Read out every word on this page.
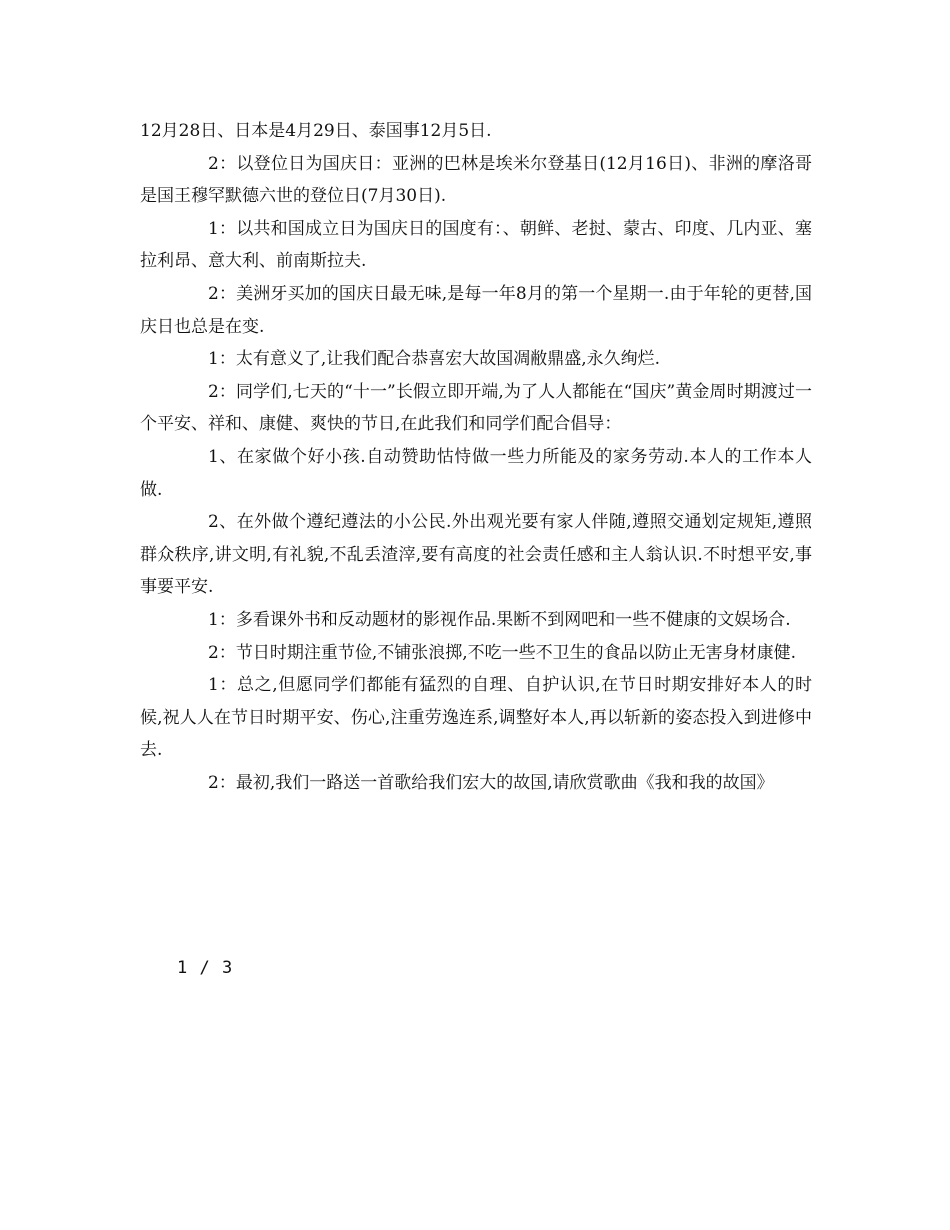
12月28日、日本是4月29日、泰国事12月5日.

2：以登位日为国庆日：亚洲的巴林是埃米尔登基日(12月16日)、非洲的摩洛哥是国王穆罕默德六世的登位日(7月30日).

1：以共和国成立日为国庆日的国度有：、朝鲜、老挝、蒙古、印度、几内亚、塞拉利昂、意大利、前南斯拉夫.

2：美洲牙买加的国庆日最无味,是每一年8月的第一个星期一.由于年轮的更替,国庆日也总是在变.

1：太有意义了,让我们配合恭喜宏大故国凋敝鼎盛,永久绚烂.

2：同学们,七天的“十一”长假立即开端,为了人人都能在“国庆”黄金周时期渡过一个平安、祥和、康健、爽快的节日,在此我们和同学们配合倡导：

1、在家做个好小孩.自动赞助怙恃做一些力所能及的家务劳动.本人的工作本人做.

2、在外做个遵纪遵法的小公民.外出观光要有家人伴随,遵照交通划定规矩,遵照群众秩序,讲文明,有礼貌,不乱丢渣滓,要有高度的社会责任感和主人翁认识.不时想平安,事事要平安.

1：多看课外书和反动题材的影视作品.果断不到网吧和一些不健康的文娱场合.

2：节日时期注重节俭,不铺张浪掷,不吃一些不卫生的食品以防止无害身材康健.

1：总之,但愿同学们都能有猛烈的自理、自护认识,在节日时期安排好本人的时候,祝人人在节日时期平安、伤心,注重劳逸连系,调整好本人,再以斩新的姿态投入到进修中去.

2：最初,我们一路送一首歌给我们宏大的故国,请欣赏歌曲《我和我的故国》

1 / 3
